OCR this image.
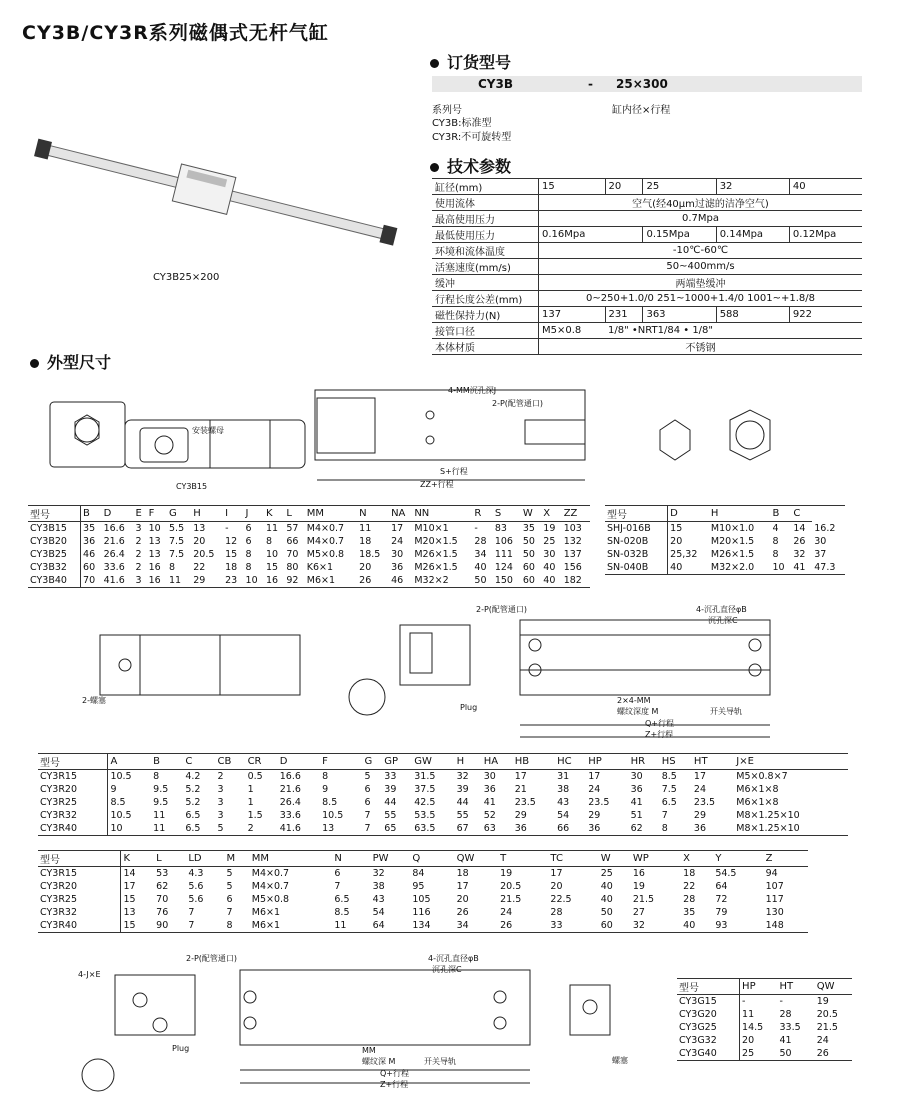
CY3B/CY3R系列磁偶式无杆气缸
CY3B25×200
订货型号
CY3B	- 25×300
系列号
CY3B:标准型
CY3R:不可旋转型
缸内径×行程
技术参数
缸径(mm)	15	20	25	32	40
使用流体	空气(经40μm过滤的洁净空气)				
最高使用压力	0.7Mpa				
最低使用压力	0.16Mpa		0.15Mpa	0.14Mpa	0.12Mpa
环境和流体温度	-10℃-60℃				
活塞速度(mm/s)	50~400mm/s				
缓冲	两端垫缓冲				
行程长度公差(mm)	0~250+1.0/0 251~1000+1.4/0 1001~+1.8/8				
磁性保持力(N)	137	231	363	588	922
接管口径	M5×0.8	1/8" •NRT1/84 • 1/8"			
本体材质	不锈钢				
外型尺寸
CY3B15
安装螺母
2-P(配管通口)
4-MM沉孔深J
S+行程
ZZ+行程
型号	B	D	E	F	G	H	I	J	K	L	MM	N	NA	NN	R	S	W	X	ZZ
CY3B15	35	16.6	3	10	5.5	13	-	6	11	57	M4×0.7	11	17	M10×1	-	83	35	19	103
CY3B20	36	21.6	2	13	7.5	20	12	6	8	66	M4×0.7	18	24	M20×1.5	28	106	50	25	132
CY3B25	46	26.4	2	13	7.5	20.5	15	8	10	70	M5×0.8	18.5	30	M26×1.5	34	111	50	30	137
CY3B32	60	33.6	2	16	8	22	18	8	15	80	K6×1	20	36	M26×1.5	40	124	60	40	156
CY3B40	70	41.6	3	16	11	29	23	10	16	92	M6×1	26	46	M32×2	50	150	60	40	182
型号	D	H	B	C	
SHJ-016B	15	M10×1.0	4	14	16.2
SN-020B	20	M20×1.5	8	26	30
SN-032B	25,32	M26×1.5	8	32	37
SN-040B	40	M32×2.0	10	41	47.3
2-P(配管通口)	4-沉孔直径φB
沉孔深C
2×4-MM
螺纹深度 M	开关导轨
Q+行程
Z+行程
Plug
2-螺塞
型号	A	B	C	CB	CR	D	F	G	GP	GW	H	HA	HB	HC	HP	HR	HS	HT	J×E
CY3R15	10.5	8	4.2	2	0.5	16.6	8	5	33	31.5	32	30	17	31	17	30	8.5	17	M5×0.8×7
CY3R20	9	9.5	5.2	3	1	21.6	9	6	39	37.5	39	36	21	38	24	36	7.5	24	M6×1×8
CY3R25	8.5	9.5	5.2	3	1	26.4	8.5	6	44	42.5	44	41	23.5	43	23.5	41	6.5	23.5	M6×1×8
CY3R32	10.5	11	6.5	3	1.5	33.6	10.5	7	55	53.5	55	52	29	54	29	51	7	29	M8×1.25×10
CY3R40	10	11	6.5	5	2	41.6	13	7	65	63.5	67	63	36	66	36	62	8	36	M8×1.25×10
型号	K	L	LD	M	MM	N	PW	Q	QW	T	TC	W	WP	X	Y	Z
CY3R15	14	53	4.3	5	M4×0.7	6	32	84	18	19	17	25	16	18	54.5	94
CY3R20	17	62	5.6	5	M4×0.7	7	38	95	17	20.5	20	40	19	22	64	107
CY3R25	15	70	5.6	6	M5×0.8	6.5	43	105	20	21.5	22.5	40	21.5	28	72	117
CY3R32	13	76	7	7	M6×1	8.5	54	116	26	24	28	50	27	35	79	130
CY3R40	15	90	7	8	M6×1	11	64	134	34	26	33	60	32	40	93	148
4-J×E
Plug
2-P(配管通口)	4-沉孔直径φB
沉孔深C
MM
螺纹深 M	开关导轨
Q+行程
Z+行程
螺塞
型号	HP	HT	QW
CY3G15	-	-	19
CY3G20	11	28	20.5
CY3G25	14.5	33.5	21.5
CY3G32	20	41	24
CY3G40	25	50	26
